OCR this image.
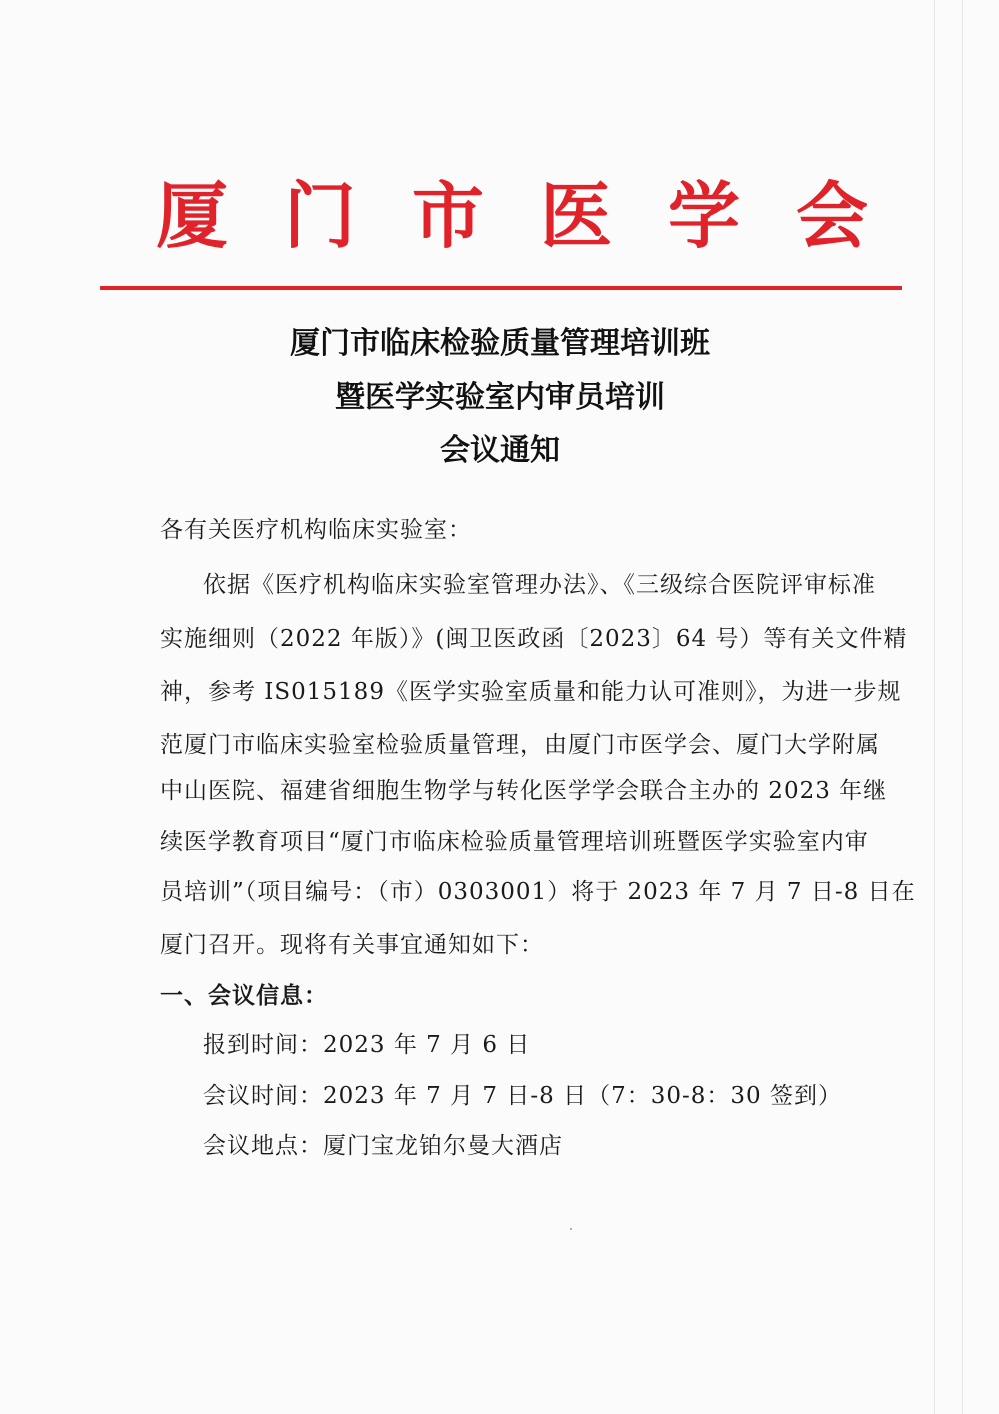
厦门市医学会
厦门市临床检验质量管理培训班
暨医学实验室内审员培训
会议通知

各有关医疗机构临床实验室：

依据《医疗机构临床实验室管理办法》、《三级综合医院评审标准

实施细则（2022 年版）》(闽卫医政函〔2023〕64 号）等有关文件精

神，参考 IS015189《医学实验室质量和能力认可准则》，为进一步规

范厦门市临床实验室检验质量管理，由厦门市医学会、厦门大学附属

中山医院、福建省细胞生物学与转化医学学会联合主办的 2023 年继

续医学教育项目“厦门市临床检验质量管理培训班暨医学实验室内审

员培训”（项目编号：（市）0303001）将于 2023 年 7 月 7 日-8 日在

厦门召开。现将有关事宜通知如下：

一、会议信息：

报到时间：2023 年 7 月 6 日

会议时间：2023 年 7 月 7 日-8 日（7：30-8：30 签到）

会议地点：厦门宝龙铂尔曼大酒店
